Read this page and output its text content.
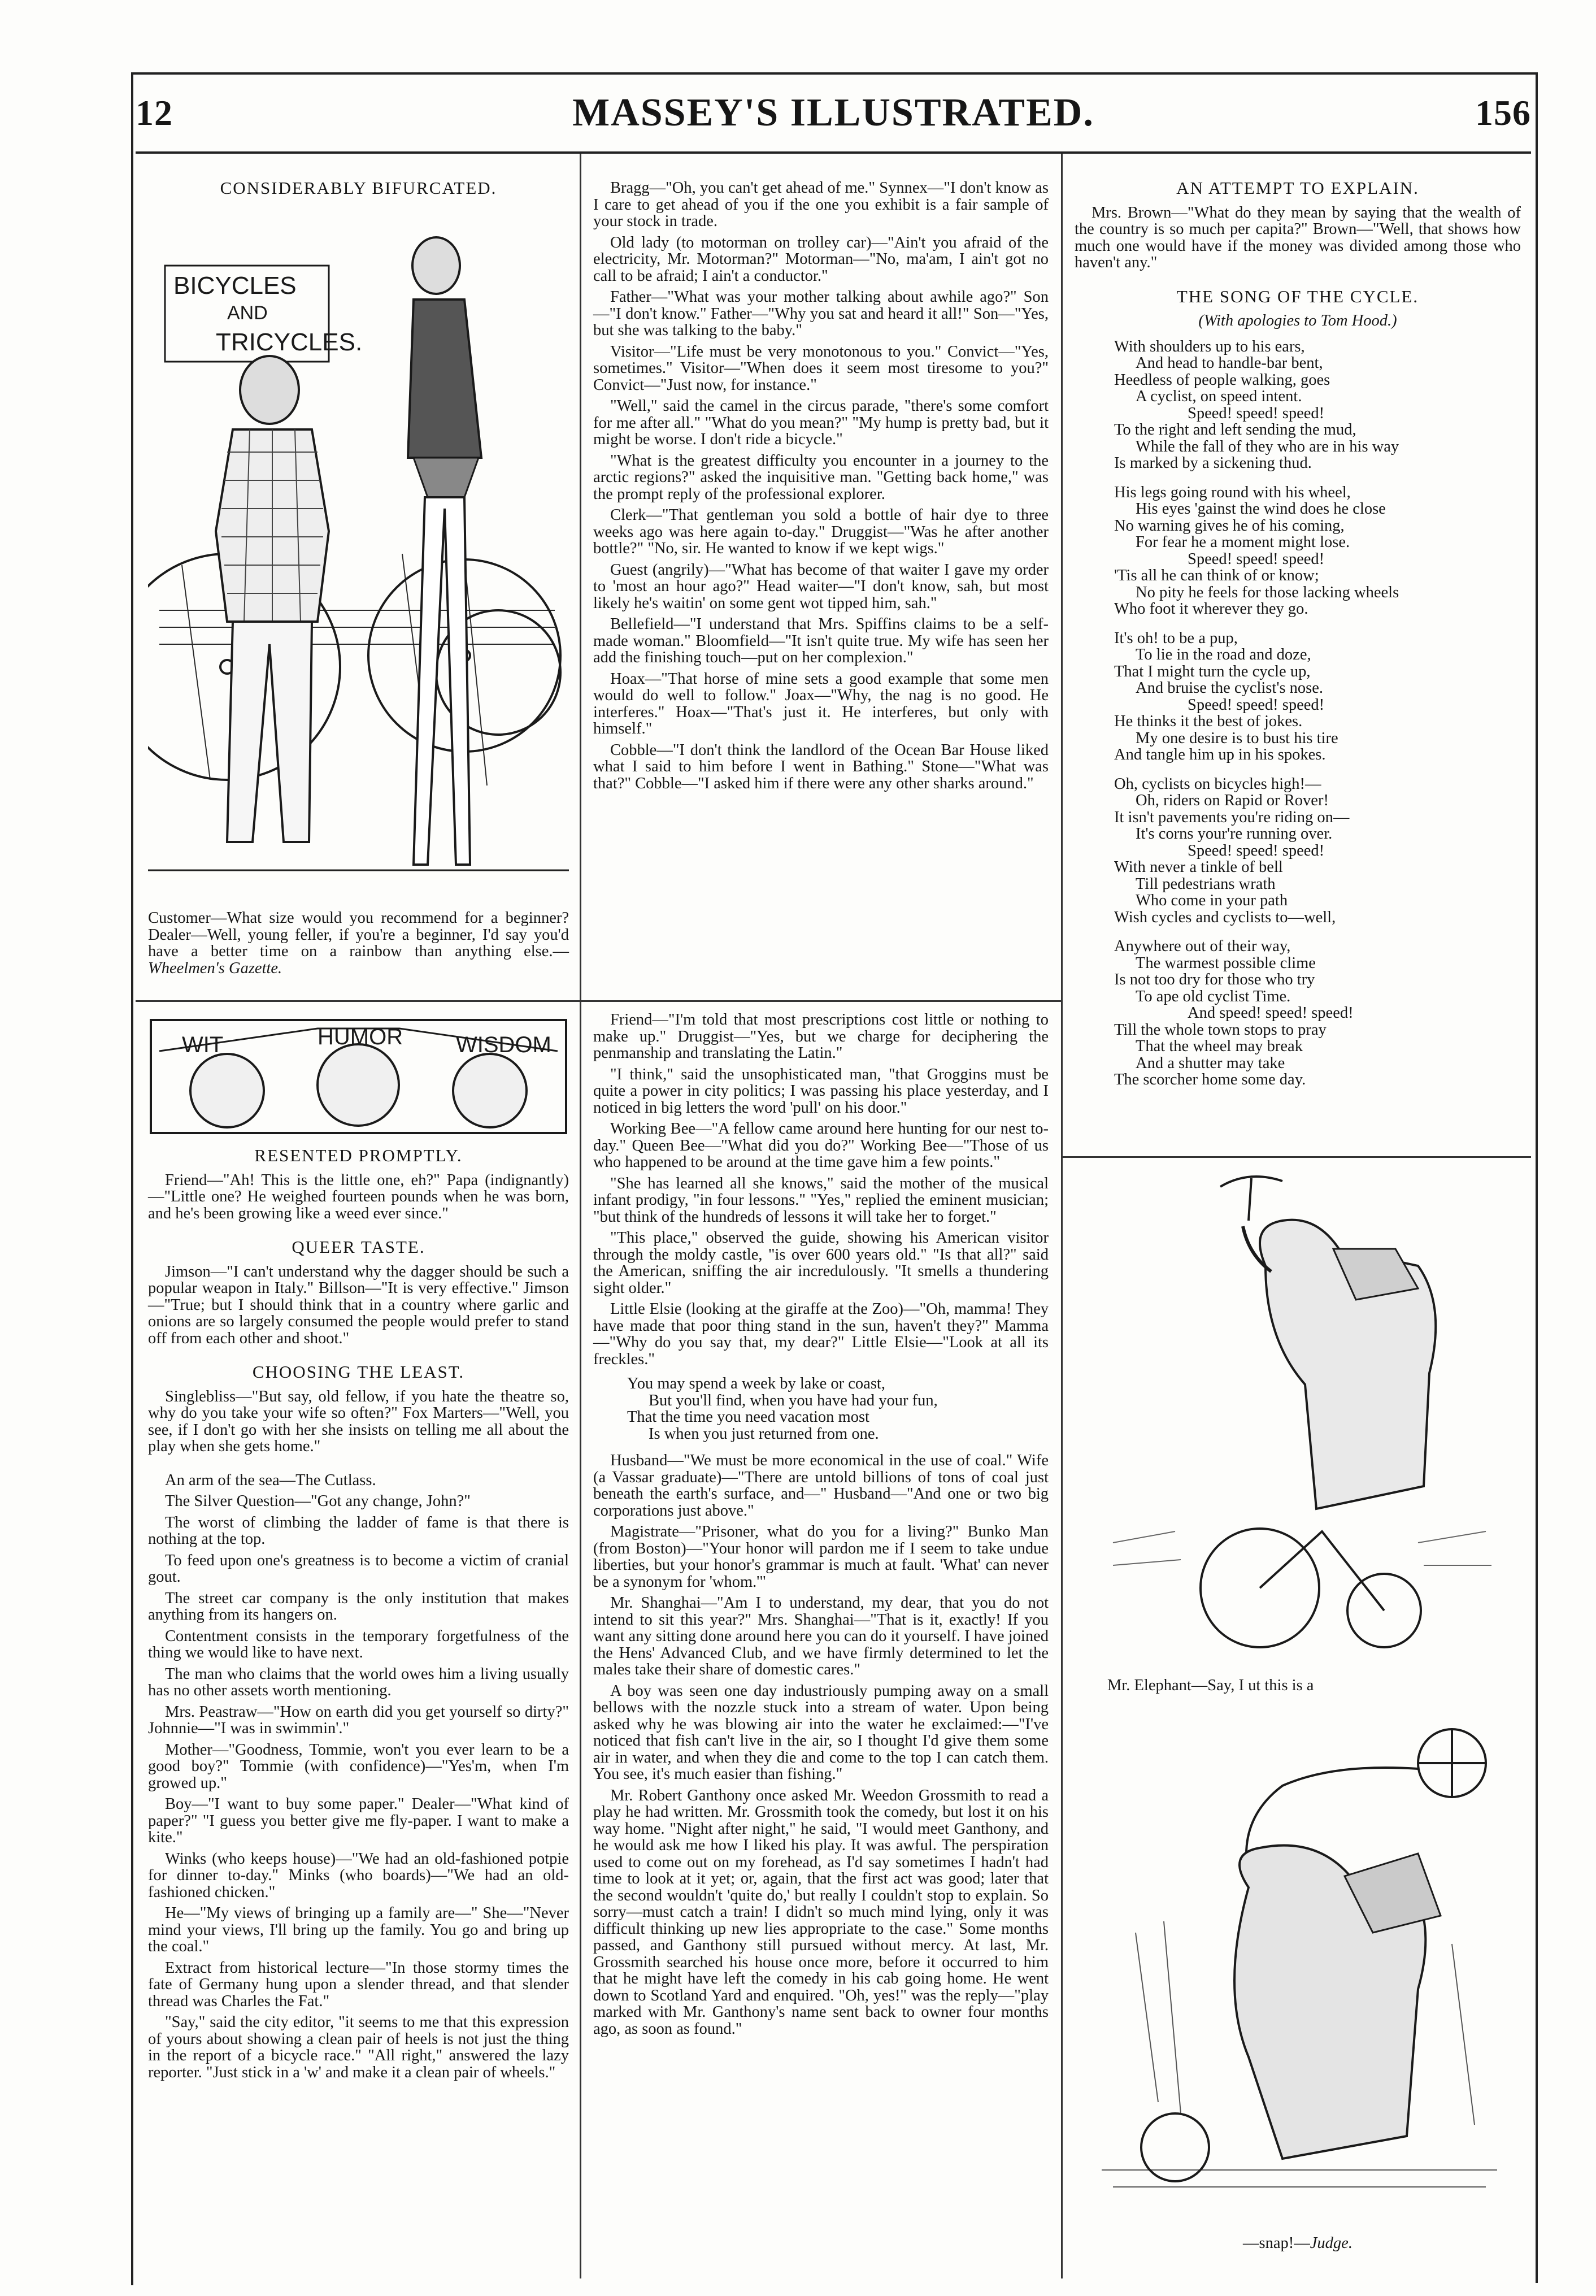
12	MASSEY'S ILLUSTRATED.	156
CONSIDERABLY BIFURCATED.
BICYCLES
AND
TRICYCLES.

Customer—What size would you recommend for a beginner? Dealer—Well, young feller, if you're a beginner, I'd say you'd have a better time on a rainbow than anything else.—Wheelmen's Gazette.

WIT	HUMOR WISDOM
RESENTED PROMPTLY.

Friend—"Ah! This is the little one, eh?" Papa (indignantly)—"Little one? He weighed fourteen pounds when he was born, and he's been growing like a weed ever since."

QUEER TASTE.

Jimson—"I can't understand why the dagger should be such a popular weapon in Italy." Billson—"It is very effective." Jimson—"True; but I should think that in a country where garlic and onions are so largely consumed the people would prefer to stand off from each other and shoot."

CHOOSING THE LEAST.

Singlebliss—"But say, old fellow, if you hate the theatre so, why do you take your wife so often?" Fox Marters—"Well, you see, if I don't go with her she insists on telling me all about the play when she gets home."

An arm of the sea—The Cutlass.

The Silver Question—"Got any change, John?"

The worst of climbing the ladder of fame is that there is nothing at the top.

To feed upon one's greatness is to become a victim of cranial gout.

The street car company is the only institution that makes anything from its hangers on.

Contentment consists in the temporary forgetfulness of the thing we would like to have next.

The man who claims that the world owes him a living usually has no other assets worth mentioning.

Mrs. Peastraw—"How on earth did you get yourself so dirty?" Johnnie—"I was in swimmin'."

Mother—"Goodness, Tommie, won't you ever learn to be a good boy?" Tommie (with confidence)—"Yes'm, when I'm growed up."

Boy—"I want to buy some paper." Dealer—"What kind of paper?" "I guess you better give me fly-paper. I want to make a kite."

Winks (who keeps house)—"We had an old-fashioned potpie for dinner to-day." Minks (who boards)—"We had an old-fashioned chicken."

He—"My views of bringing up a family are—" She—"Never mind your views, I'll bring up the family. You go and bring up the coal."

Extract from historical lecture—"In those stormy times the fate of Germany hung upon a slender thread, and that slender thread was Charles the Fat."

"Say," said the city editor, "it seems to me that this expression of yours about showing a clean pair of heels is not just the thing in the report of a bicycle race." "All right," answered the lazy reporter. "Just stick in a 'w' and make it a clean pair of wheels."

Bragg—"Oh, you can't get ahead of me." Synnex—"I don't know as I care to get ahead of you if the one you exhibit is a fair sample of your stock in trade.

Old lady (to motorman on trolley car)—"Ain't you afraid of the electricity, Mr. Motorman?" Motorman—"No, ma'am, I ain't got no call to be afraid; I ain't a conductor."

Father—"What was your mother talking about awhile ago?" Son—"I don't know." Father—"Why you sat and heard it all!" Son—"Yes, but she was talking to the baby."

Visitor—"Life must be very monotonous to you." Convict—"Yes, sometimes." Visitor—"When does it seem most tiresome to you?" Convict—"Just now, for instance."

"Well," said the camel in the circus parade, "there's some comfort for me after all." "What do you mean?" "My hump is pretty bad, but it might be worse. I don't ride a bicycle."

"What is the greatest difficulty you encounter in a journey to the arctic regions?" asked the inquisitive man. "Getting back home," was the prompt reply of the professional explorer.

Clerk—"That gentleman you sold a bottle of hair dye to three weeks ago was here again to-day." Druggist—"Was he after another bottle?" "No, sir. He wanted to know if we kept wigs."

Guest (angrily)—"What has become of that waiter I gave my order to 'most an hour ago?" Head waiter—"I don't know, sah, but most likely he's waitin' on some gent wot tipped him, sah."

Bellefield—"I understand that Mrs. Spiffins claims to be a self-made woman." Bloomfield—"It isn't quite true. My wife has seen her add the finishing touch—put on her complexion."

Hoax—"That horse of mine sets a good example that some men would do well to follow." Joax—"Why, the nag is no good. He interferes." Hoax—"That's just it. He interferes, but only with himself."

Cobble—"I don't think the landlord of the Ocean Bar House liked what I said to him before I went in Bathing." Stone—"What was that?" Cobble—"I asked him if there were any other sharks around."

Friend—"I'm told that most prescriptions cost little or nothing to make up." Druggist—"Yes, but we charge for deciphering the penmanship and translating the Latin."

"I think," said the unsophisticated man, "that Groggins must be quite a power in city politics; I was passing his place yesterday, and I noticed in big letters the word 'pull' on his door."

Working Bee—"A fellow came around here hunting for our nest to-day." Queen Bee—"What did you do?" Working Bee—"Those of us who happened to be around at the time gave him a few points."

"She has learned all she knows," said the mother of the musical infant prodigy, "in four lessons." "Yes," replied the eminent musician; "but think of the hundreds of lessons it will take her to forget."

"This place," observed the guide, showing his American visitor through the moldy castle, "is over 600 years old." "Is that all?" said the American, sniffing the air incredulously. "It smells a thundering sight older."

Little Elsie (looking at the giraffe at the Zoo)—"Oh, mamma! They have made that poor thing stand in the sun, haven't they?" Mamma—"Why do you say that, my dear?" Little Elsie—"Look at all its freckles."

You may spend a week by lake or coast,
But you'll find, when you have had your fun,
That the time you need vacation most
Is when you just returned from one.

Husband—"We must be more economical in the use of coal." Wife (a Vassar graduate)—"There are untold billions of tons of coal just beneath the earth's surface, and—" Husband—"And one or two big corporations just above."

Magistrate—"Prisoner, what do you for a living?" Bunko Man (from Boston)—"Your honor will pardon me if I seem to take undue liberties, but your honor's grammar is much at fault. 'What' can never be a synonym for 'whom.'"

Mr. Shanghai—"Am I to understand, my dear, that you do not intend to sit this year?" Mrs. Shanghai—"That is it, exactly! If you want any sitting done around here you can do it yourself. I have joined the Hens' Advanced Club, and we have firmly determined to let the males take their share of domestic cares."

A boy was seen one day industriously pumping away on a small bellows with the nozzle stuck into a stream of water. Upon being asked why he was blowing air into the water he exclaimed:—"I've noticed that fish can't live in the air, so I thought I'd give them some air in water, and when they die and come to the top I can catch them. You see, it's much easier than fishing."

Mr. Robert Ganthony once asked Mr. Weedon Grossmith to read a play he had written. Mr. Grossmith took the comedy, but lost it on his way home. "Night after night," he said, "I would meet Ganthony, and he would ask me how I liked his play. It was awful. The perspiration used to come out on my forehead, as I'd say sometimes I hadn't had time to look at it yet; or, again, that the first act was good; later that the second wouldn't 'quite do,' but really I couldn't stop to explain. So sorry—must catch a train! I didn't so much mind lying, only it was difficult thinking up new lies appropriate to the case." Some months passed, and Ganthony still pursued without mercy. At last, Mr. Grossmith searched his house once more, before it occurred to him that he might have left the comedy in his cab going home. He went down to Scotland Yard and enquired. "Oh, yes!" was the reply—"play marked with Mr. Ganthony's name sent back to owner four months ago, as soon as found."

AN ATTEMPT TO EXPLAIN.

Mrs. Brown—"What do they mean by saying that the wealth of the country is so much per capita?" Brown—"Well, that shows how much one would have if the money was divided among those who haven't any."

THE SONG OF THE CYCLE.
(With apologies to Tom Hood.)
With shoulders up to his ears,
And head to handle-bar bent,
Heedless of people walking, goes
A cyclist, on speed intent.
Speed! speed! speed!
To the right and left sending the mud,
While the fall of they who are in his way
Is marked by a sickening thud.
His legs going round with his wheel,
His eyes 'gainst the wind does he close
No warning gives he of his coming,
For fear he a moment might lose.
Speed! speed! speed!
'Tis all he can think of or know;
No pity he feels for those lacking wheels
Who foot it wherever they go.
It's oh! to be a pup,
To lie in the road and doze,
That I might turn the cycle up,
And bruise the cyclist's nose.
Speed! speed! speed!
He thinks it the best of jokes.
My one desire is to bust his tire
And tangle him up in his spokes.
Oh, cyclists on bicycles high!—
Oh, riders on Rapid or Rover!
It isn't pavements you're riding on—
It's corns your're running over.
Speed! speed! speed!
With never a tinkle of bell
Till pedestrians wrath
Who come in your path
Wish cycles and cyclists to—well,
Anywhere out of their way,
The warmest possible clime
Is not too dry for those who try
To ape old cyclist Time.
And speed! speed! speed!
Till the whole town stops to pray
That the wheel may break
And a shutter may take
The scorcher home some day.

Mr. Elephant—Say, I ut this is a

—snap!—Judge.
